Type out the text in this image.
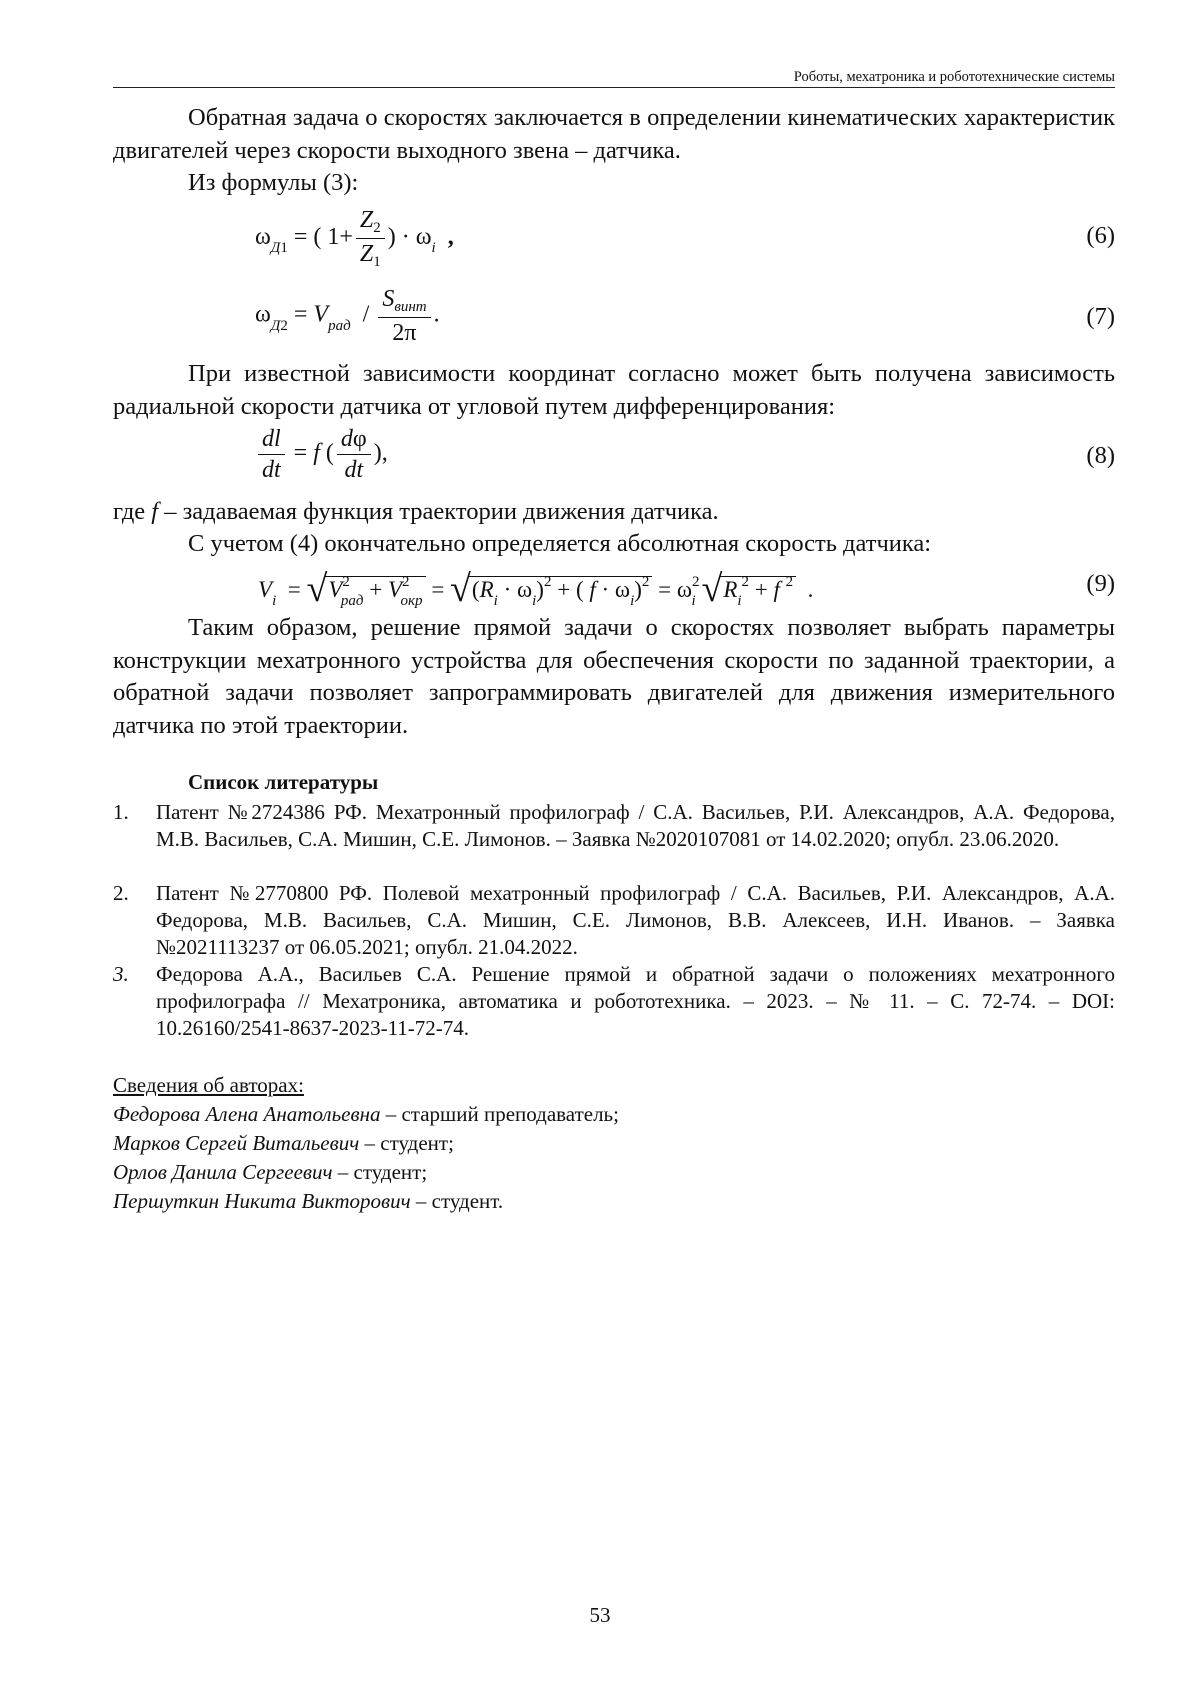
Роботы, мехатроника и робототехнические системы
Обратная задача о скоростях заключается в определении кинематических характеристик двигателей через скорости выходного звена – датчика.
Из формулы (3):
ωД1 = ( 1+
Z2
Z1
) · ωi ,	(6)
ωД2 = Vрад  /
Sвинт
2π
.	(7)
При известной зависимости координат согласно может быть получена зависимость радиальной скорости датчика от угловой путем дифференцирования:
dl
dt
= f (
dφ
dt
),	(8)
где f – задаваемая функция траектории движения датчика.
С учетом (4) окончательно определяется абсолютная скорость датчика:
Vi  = √V2рад + V2окр = √(Ri · ωi)2 + ( f · ωi)2 = ω2i √Ri2 + f 2  .	(9)
Таким образом, решение прямой задачи о скоростях позволяет выбрать параметры конструкции мехатронного устройства для обеспечения скорости по заданной траектории, а обратной задачи позволяет запрограммировать двигателей для движения измерительного датчика по этой траектории.
Список литературы
1. Патент №2724386 РФ. Мехатронный профилограф / С.А. Васильев, Р.И. Александров, А.А. Федорова, М.В. Васильев, С.А. Мишин, С.Е. Лимонов. – Заявка №2020107081 от 14.02.2020; опубл. 23.06.2020.
2. Патент №2770800 РФ. Полевой мехатронный профилограф / С.А. Васильев, Р.И. Александров, А.А. Федорова, М.В. Васильев, С.А. Мишин, С.Е. Лимонов, В.В. Алексеев, И.Н. Иванов. – Заявка №2021113237 от 06.05.2021; опубл. 21.04.2022.
3. Федорова А.А., Васильев С.А. Решение прямой и обратной задачи о положениях мехатронного профилографа // Мехатроника, автоматика и робототехника. – 2023. – № 11. – С. 72-74. – DOI: 10.26160/2541-8637-2023-11-72-74.
Сведения об авторах:
Федорова Алена Анатольевна – старший преподаватель;
Марков Сергей Витальевич – студент;
Орлов Данила Сергеевич – студент;
Першуткин Никита Викторович – студент.
53
